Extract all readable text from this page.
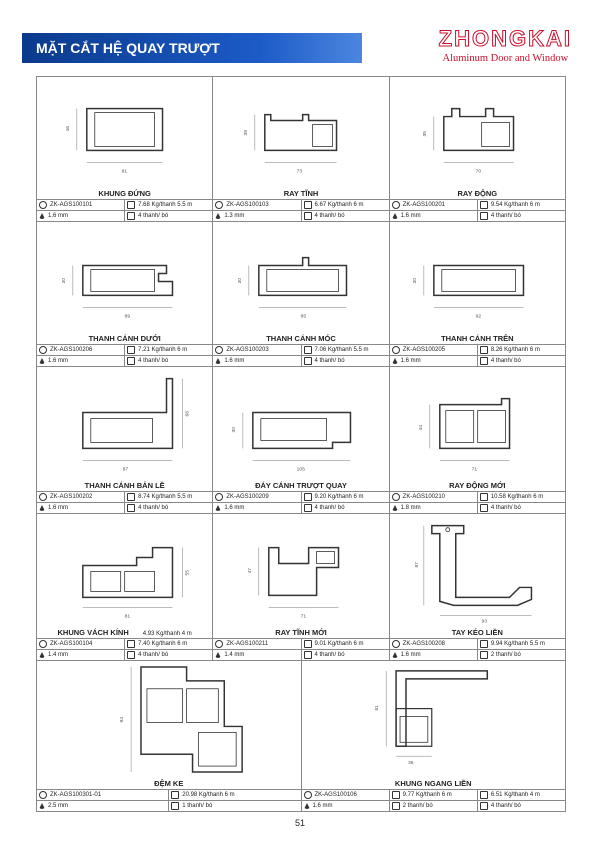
MẶT CẮT HỆ QUAY TRƯỢT	ZHONGKAI
Aluminum Door and Window
46
81
KHUNG ĐỨNG
ZK-AGS100101	7.68 Kg/thanh 5.5 m
1.6 mm	4 thanh/ bó
39
73
RAY TĨNH
ZK-AGS100103	6.67 Kg/thanh 6 m
1.3 mm	4 thanh/ bó
35
70
RAY ĐỘNG
ZK-AGS100201	9.54 Kg/thanh 6 m
1.6 mm	4 thanh/ bó
30
89
THANH CÁNH DƯỚI
ZK-AGS100206	7.21 Kg/thanh 6 m
1.6 mm	4 thanh/ bó
30
85
THANH CÁNH MÓC
ZK-AGS100203	7.06 Kg/thanh 5.5 m
1.6 mm	4 thanh/ bó
30
92
THANH CÁNH TRÊN
ZK-AGS100205	8.26 Kg/thanh 6 m
1.6 mm	4 thanh/ bó
68
87
THANH CÁNH BẢN LỀ
ZK-AGS100202	8.74 Kg/thanh 5.5 m
1.6 mm	4 thanh/ bó
30
105
ĐÁY CÁNH TRƯỢT QUAY
ZK-AGS100209	9.20 Kg/thanh 6 m
1.6 mm	4 thanh/ bó
44
71
RAY ĐỘNG MỚI
ZK-AGS100210	10.58 Kg/thanh 6 m
1.8 mm	4 thanh/ bó
55
81
KHUNG VÁCH KÍNH 4.93 Kg/thanh 4 m
ZK-AGS100104	7.40 Kg/thanh 6 m
1.4 mm	4 thanh/ bó
47
71
RAY TĨNH MỚI
ZK-AGS100211	9.01 Kg/thanh 6 m
1.4 mm	4 thanh/ bó
87
93
TAY KÉO LIỀN
ZK-AGS100208	9.94 Kg/thanh 5.5 m
1.6 mm	2 thanh/ bó
94
ĐỆM KE
ZK-AGS100301-01	20.98 Kg/thanh 6 m
2.5 mm	1 thanh/ bó
81
36
KHUNG NGANG LIỀN
ZK-AGS100106	9.77 Kg/thanh 6 m	6.51 Kg/thanh 4 m
1.6 mm	2 thanh/ bó	4 thanh/ bó
51
